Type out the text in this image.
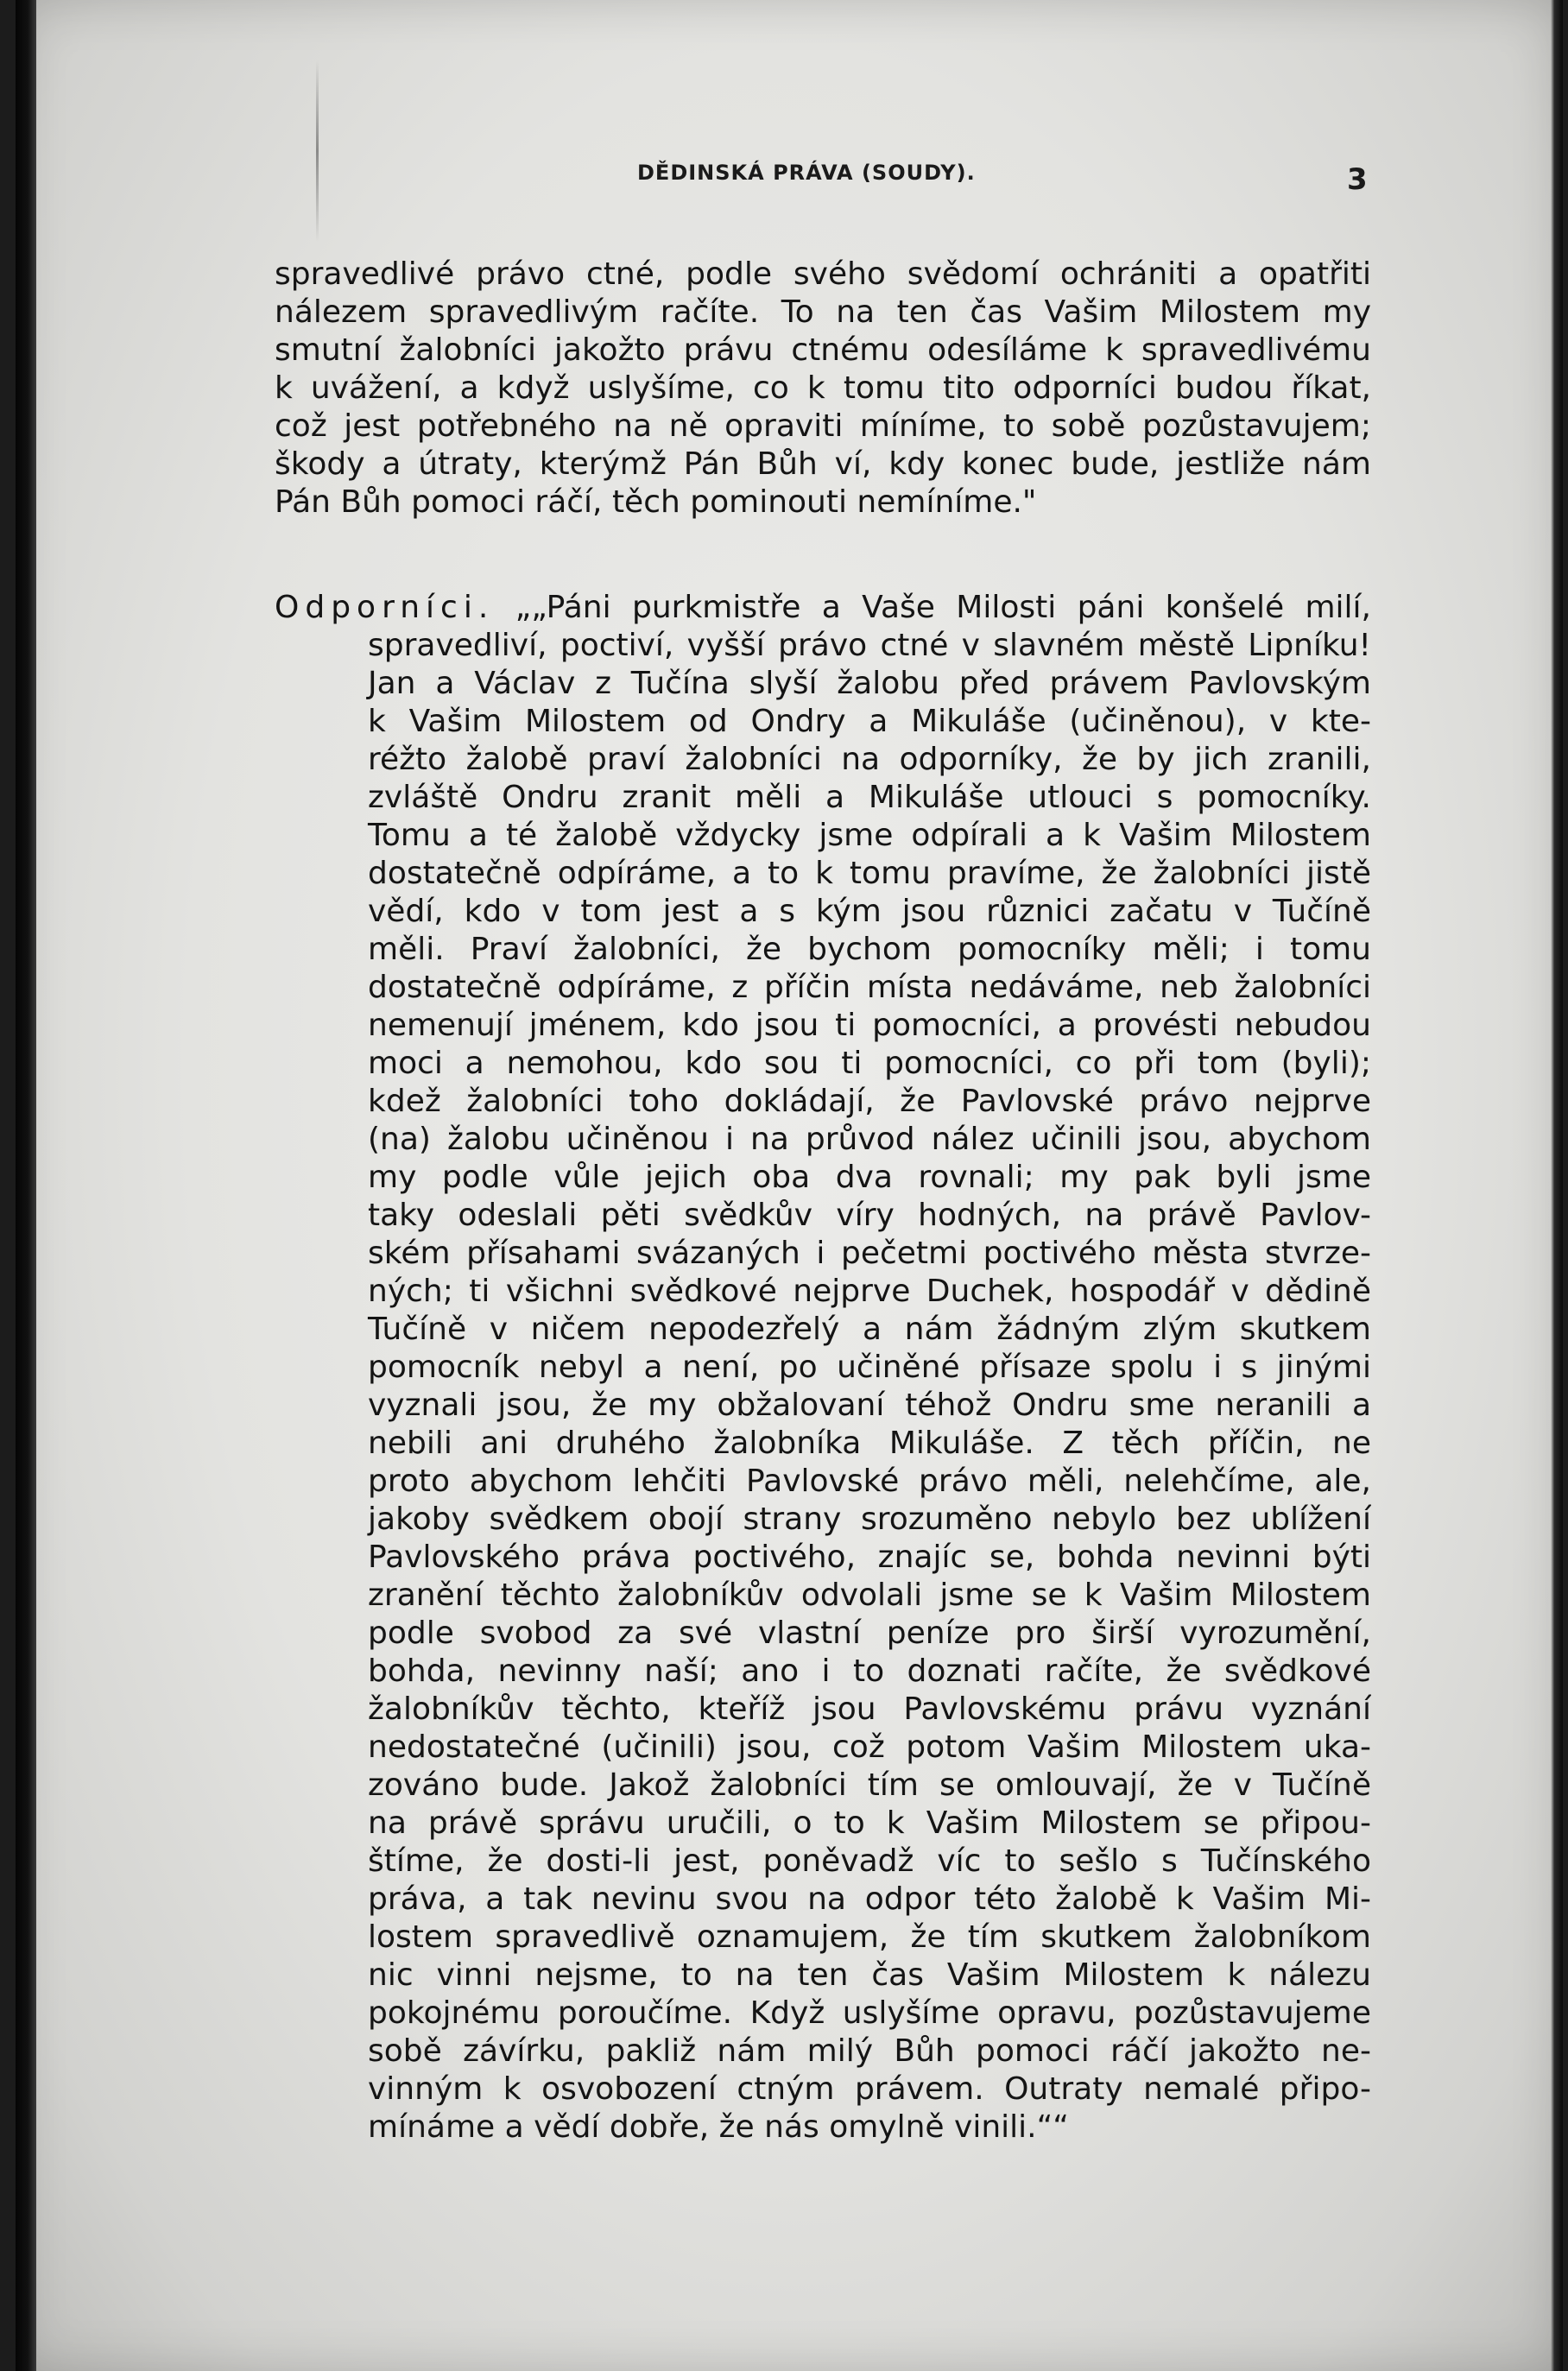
DĚDINSKÁ PRÁVA (SOUDY).	3
spravedlivé právo ctné, podle svého svědomí ochrániti a opatřiti
nálezem spravedlivým račíte. To na ten čas Vašim Milostem my
smutní žalobníci jakožto právu ctnému odesíláme k spravedlivému
k uvážení, a když uslyšíme, co k tomu tito odporníci budou říkat,
což jest potřebného na ně opraviti míníme, to sobě pozůstavujem;
škody a útraty, kterýmž Pán Bůh ví, kdy konec bude, jestliže nám
Pán Bůh pomoci ráčí, těch pominouti nemíníme."
Odporníci. „„Páni purkmistře a Vaše Milosti páni konšelé milí,
spravedliví, poctiví, vyšší právo ctné v slavném městě Lipníku!
Jan a Václav z Tučína slyší žalobu před právem Pavlovským
k Vašim Milostem od Ondry a Mikuláše (učiněnou), v kte-
réžto žalobě praví žalobníci na odporníky, že by jich zranili,
zvláště Ondru zranit měli a Mikuláše utlouci s pomocníky.
Tomu a té žalobě vždycky jsme odpírali a k Vašim Milostem
dostatečně odpíráme, a to k tomu pravíme, že žalobníci jistě
vědí, kdo v tom jest a s kým jsou různici začatu v Tučíně
měli. Praví žalobníci, že bychom pomocníky měli; i tomu
dostatečně odpíráme, z příčin místa nedáváme, neb žalobníci
nemenují jménem, kdo jsou ti pomocníci, a provésti nebudou
moci a nemohou, kdo sou ti pomocníci, co při tom (byli);
kdež žalobníci toho dokládají, že Pavlovské právo nejprve
(na) žalobu učiněnou i na průvod nález učinili jsou, abychom
my podle vůle jejich oba dva rovnali; my pak byli jsme
taky odeslali pěti svědkův víry hodných, na právě Pavlov-
ském přísahami svázaných i pečetmi poctivého města stvrze-
ných; ti všichni svědkové nejprve Duchek, hospodář v dědině
Tučíně v ničem nepodezřelý a nám žádným zlým skutkem
pomocník nebyl a není, po učiněné přísaze spolu i s jinými
vyznali jsou, že my obžalovaní téhož Ondru sme neranili a
nebili ani druhého žalobníka Mikuláše. Z těch příčin, ne
proto abychom lehčiti Pavlovské právo měli, nelehčíme, ale,
jakoby svědkem obojí strany srozuměno nebylo bez ublížení
Pavlovského práva poctivého, znajíc se, bohda nevinni býti
zranění těchto žalobníkův odvolali jsme se k Vašim Milostem
podle svobod za své vlastní peníze pro širší vyrozumění,
bohda, nevinny naší; ano i to doznati račíte, že svědkové
žalobníkův těchto, kteříž jsou Pavlovskému právu vyznání
nedostatečné (učinili) jsou, což potom Vašim Milostem uka-
zováno bude. Jakož žalobníci tím se omlouvají, že v Tučíně
na právě správu uručili, o to k Vašim Milostem se připou-
štíme, že dosti-li jest, poněvadž víc to sešlo s Tučínského
práva, a tak nevinu svou na odpor této žalobě k Vašim Mi-
lostem spravedlivě oznamujem, že tím skutkem žalobníkom
nic vinni nejsme, to na ten čas Vašim Milostem k nálezu
pokojnému poroučíme. Když uslyšíme opravu, pozůstavujeme
sobě závírku, pakliž nám milý Bůh pomoci ráčí jakožto ne-
vinným k osvobození ctným právem. Outraty nemalé připo-
mínáme a vědí dobře, že nás omylně vinili.““
